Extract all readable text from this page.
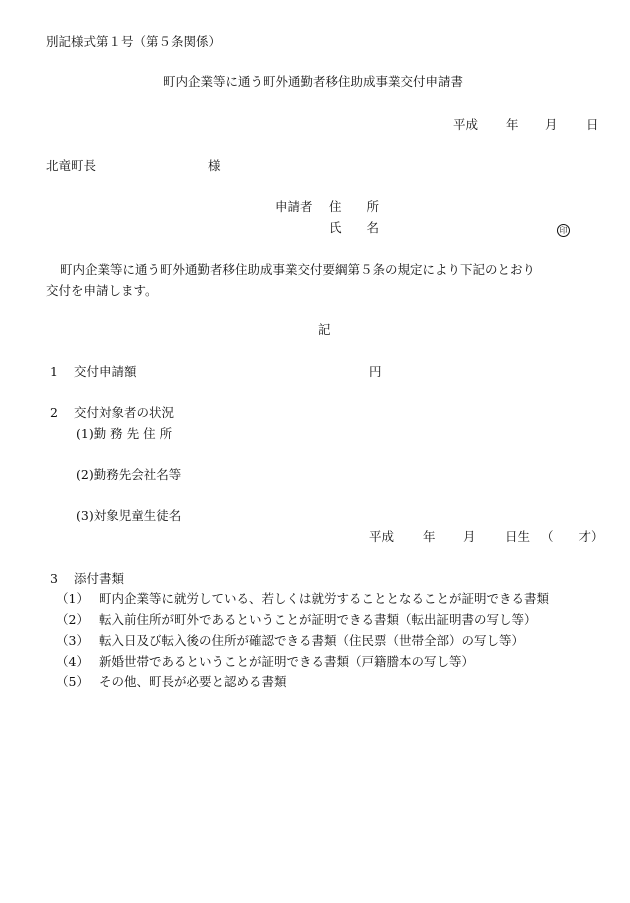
別記様式第１号（第５条関係）
町内企業等に通う町外通勤者移住助成事業交付申請書
平成 年 月 日
北竜町長	様
申請者 住　　所
氏　　名	印
町内企業等に通う町外通勤者移住助成事業交付要綱第５条の規定により下記のとおり
交付を申請します。
記
1 交付申請額	円
2 交付対象者の状況
(1)勤 務 先 住 所
(2)勤務先会社名等
(3)対象児童生徒名
平成 年 月 日生 （　　才）
3 添付書類
（1） 町内企業等に就労している、若しくは就労することとなることが証明できる書類
（2） 転入前住所が町外であるということが証明できる書類（転出証明書の写し等）
（3） 転入日及び転入後の住所が確認できる書類（住民票（世帯全部）の写し等）
（4） 新婚世帯であるということが証明できる書類（戸籍謄本の写し等）
（5） その他、町長が必要と認める書類
